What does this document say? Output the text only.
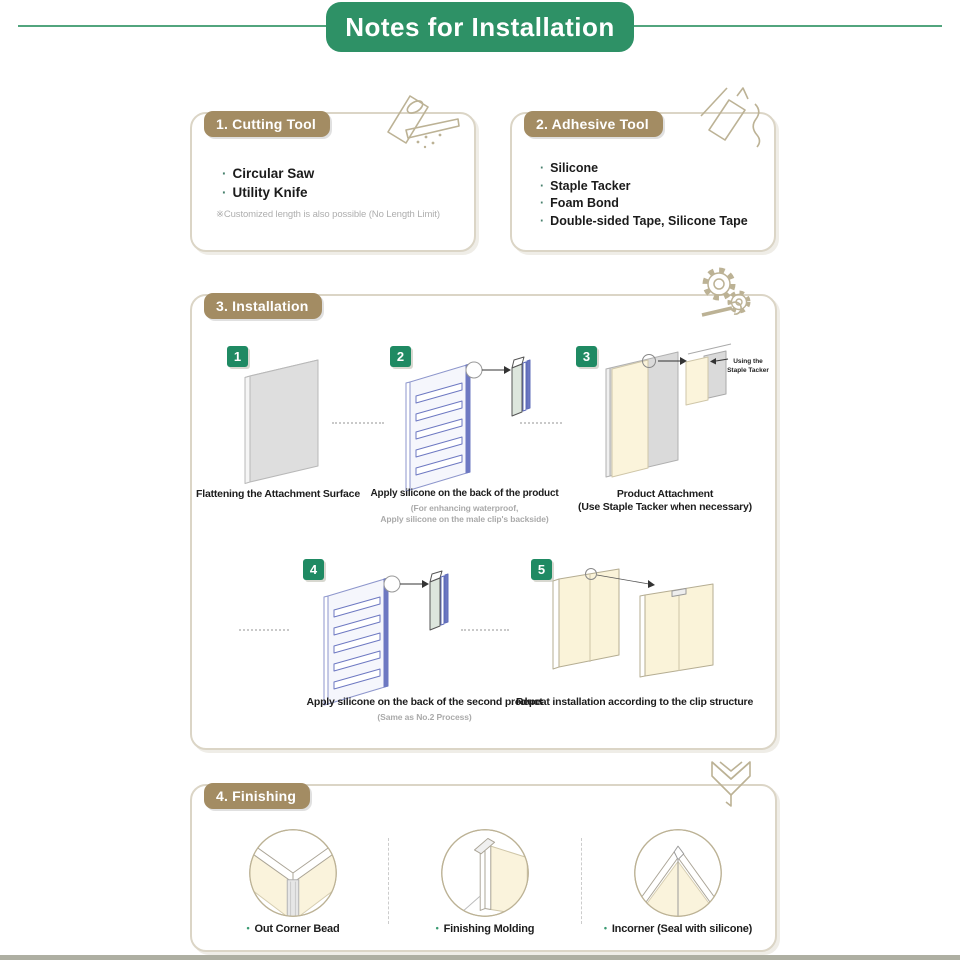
Notes for Installation
1. Cutting Tool
· Circular Saw
· Utility Knife
※Customized length is also possible (No Length Limit)
2. Adhesive Tool
· Silicone
· Staple Tacker
· Foam Bond
· Double-sided Tape, Silicone Tape
3. Installation
1
Flattening the Attachment Surface
2
Apply silicone on the back of the product
(For enhancing waterproof,
Apply silicone on the male clip's backside)
3	Using the
Staple Tacker
Product Attachment
(Use Staple Tacker when necessary)
4
Apply silicone on the back of the second product
(Same as No.2 Process)
5
Repeat installation according to the clip structure
4. Finishing
• Out Corner Bead	• Finishing Molding	• Incorner (Seal with silicone)
